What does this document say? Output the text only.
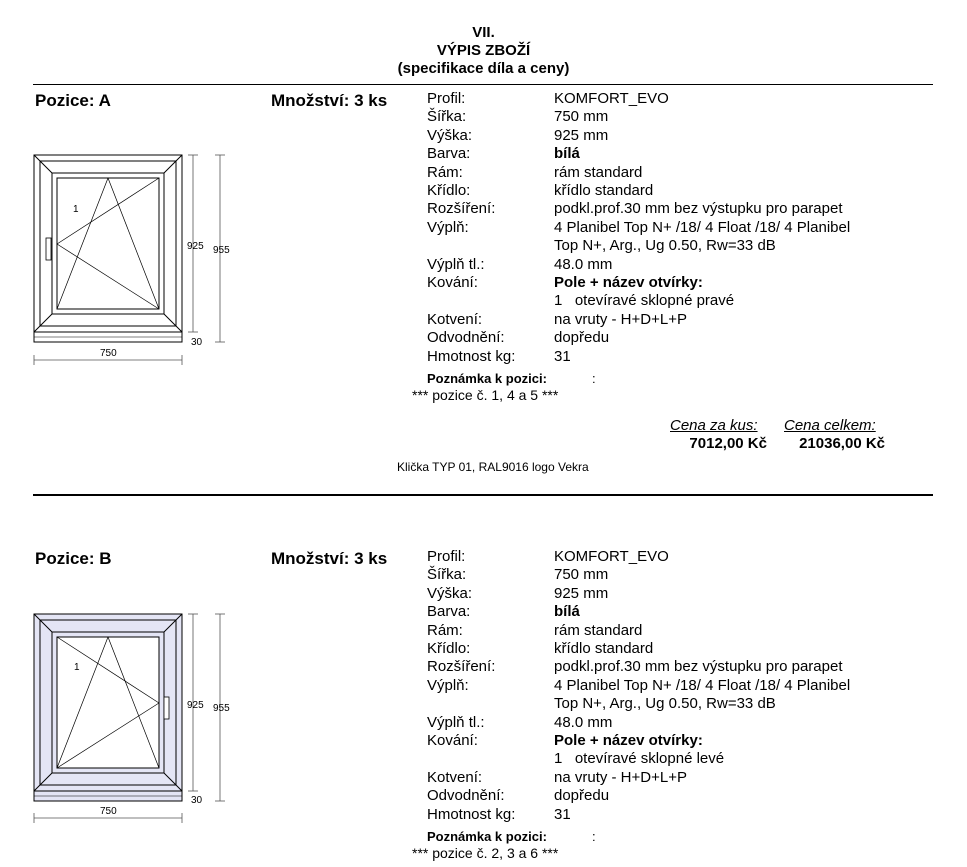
VII.
VÝPIS ZBOŽÍ
(specifikace díla a ceny)
Pozice: A	Množství: 3 ks
1
925 955
30
750
Profil:	KOMFORT_EVO
Šířka:	750 mm
Výška:	925 mm
Barva:	bílá
Rám:	rám standard
Křídlo:	křídlo standard
Rozšíření:	podkl.prof.30 mm bez výstupku pro parapet
Výplň:	4 Planibel Top N+ /18/ 4 Float /18/ 4 Planibel
Top N+, Arg., Ug 0.50, Rw=33 dB
Výplň tl.:	48.0 mm
Kování:	Pole + název otvírky:
1   otevíravé sklopné pravé
Kotvení:	na vruty - H+D+L+P
Odvodnění:	dopředu
Hmotnost kg:	31
Poznámka k pozici:	:
*** pozice č. 1, 4 a 5 ***
Cena za kus: Cena celkem:
7012,00 Kč	21036,00 Kč
Klička TYP 01, RAL9016 logo Vekra
Pozice: B	Množství: 3 ks
1
925 955
30
750
Profil:	KOMFORT_EVO
Šířka:	750 mm
Výška:	925 mm
Barva:	bílá
Rám:	rám standard
Křídlo:	křídlo standard
Rozšíření:	podkl.prof.30 mm bez výstupku pro parapet
Výplň:	4 Planibel Top N+ /18/ 4 Float /18/ 4 Planibel
Top N+, Arg., Ug 0.50, Rw=33 dB
Výplň tl.:	48.0 mm
Kování:	Pole + název otvírky:
1   otevíravé sklopné levé
Kotvení:	na vruty - H+D+L+P
Odvodnění:	dopředu
Hmotnost kg:	31
Poznámka k pozici:	:
*** pozice č. 2, 3 a 6 ***
